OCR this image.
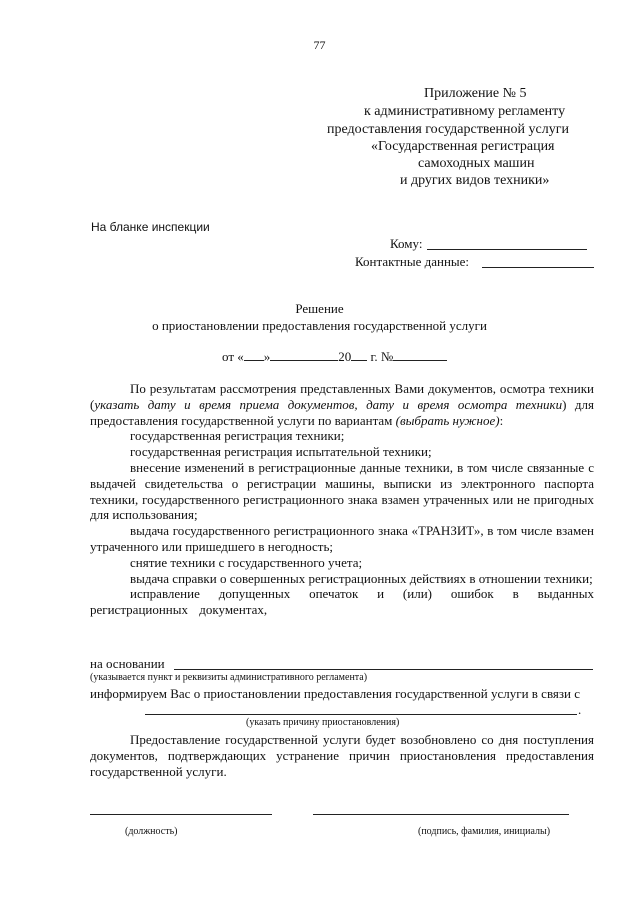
77
Приложение № 5
к административному регламенту
предоставления государственной услуги
«Государственная регистрация
самоходных машин
и других видов техники»
На бланке инспекции
Кому:
Контактные данные:
Решение
о приостановлении предоставления государственной услуги
от « »	20 г. №
По результатам рассмотрения представленных Вами документов, осмотра техники (указать дату и время приема документов, дату и время осмотра техники) для предоставления государственной услуги по вариантам (выбрать нужное):
государственная регистрация техники;
государственная регистрация испытательной техники;
внесение изменений в регистрационные данные техники, в том числе связанные с выдачей свидетельства о регистрации машины, выписки из электронного паспорта техники, государственного регистрационного знака взамен утраченных или не пригодных для использования;
выдача государственного регистрационного знака «ТРАНЗИТ», в том числе взамен утраченного или пришедшего в негодность;
снятие техники с государственного учета;
выдача справки о совершенных регистрационных действиях в отношении техники;
исправление допущенных опечаток и (или) ошибок в выданных регистрационных документах,
на основании
(указывается пункт и реквизиты административного регламента)
информируем Вас о приостановлении предоставления государственной услуги в связи с
.
(указать причину приостановления)
Предоставление государственной услуги будет возобновлено со дня поступления документов, подтверждающих устранение причин приостановления предоставления государственной услуги.
(должность)	(подпись, фамилия, инициалы)
